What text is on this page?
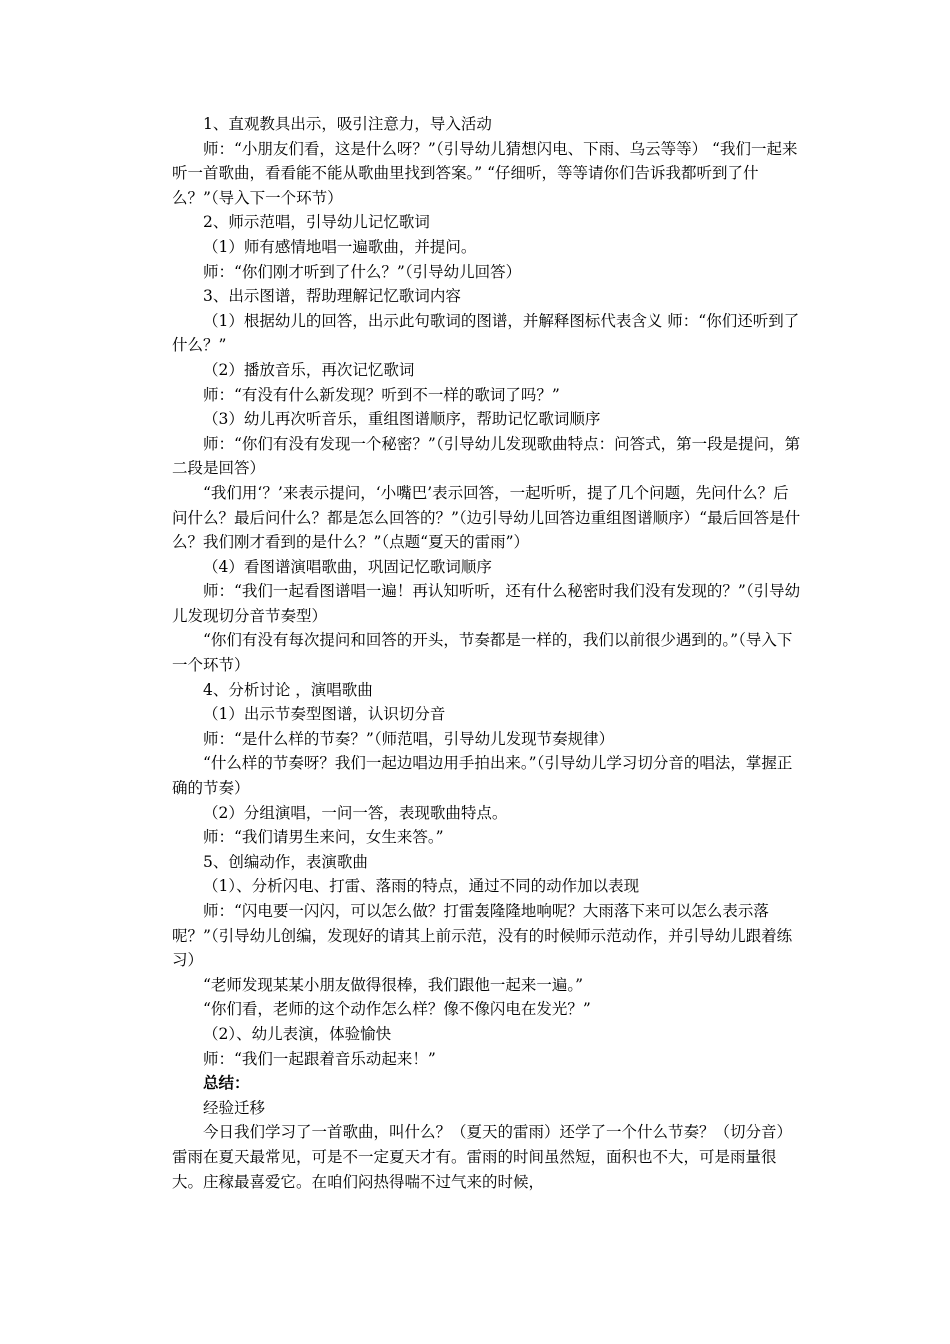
1、直观教具出示，吸引注意力，导入活动

师：“小朋友们看，这是什么呀？”（引导幼儿猜想闪电、下雨、乌云等等） “我们一起来听一首歌曲，看看能不能从歌曲里找到答案。” “仔细听，等等请你们告诉我都听到了什么？”（导入下一个环节）

2、师示范唱，引导幼儿记忆歌词

（1）师有感情地唱一遍歌曲，并提问。

师：“你们刚才听到了什么？”（引导幼儿回答）

3、出示图谱，帮助理解记忆歌词内容

（1）根据幼儿的回答，出示此句歌词的图谱，并解释图标代表含义 师：“你们还听到了什么？”

（2）播放音乐，再次记忆歌词

师：“有没有什么新发现？听到不一样的歌词了吗？”

（3）幼儿再次听音乐，重组图谱顺序，帮助记忆歌词顺序

师：“你们有没有发现一个秘密？”（引导幼儿发现歌曲特点：问答式，第一段是提问，第二段是回答）

“我们用‘？’来表示提问，‘小嘴巴’表示回答，一起听听，提了几个问题，先问什么？后问什么？最后问什么？都是怎么回答的？”（边引导幼儿回答边重组图谱顺序）“最后回答是什么？我们刚才看到的是什么？”（点题“夏天的雷雨”）

（4）看图谱演唱歌曲，巩固记忆歌词顺序

师：“我们一起看图谱唱一遍！再认知听听，还有什么秘密时我们没有发现的？”（引导幼儿发现切分音节奏型）

“你们有没有每次提问和回答的开头，节奏都是一样的，我们以前很少遇到的。”（导入下一个环节）

4、分析讨论 ，演唱歌曲

（1）出示节奏型图谱，认识切分音

师：“是什么样的节奏？”（师范唱，引导幼儿发现节奏规律）

“什么样的节奏呀？我们一起边唱边用手拍出来。”（引导幼儿学习切分音的唱法，掌握正确的节奏）

（2）分组演唱，一问一答，表现歌曲特点。

师：“我们请男生来问，女生来答。”

5、创编动作，表演歌曲

（1）、分析闪电、打雷、落雨的特点，通过不同的动作加以表现

师：“闪电要一闪闪，可以怎么做？打雷轰隆隆地响呢？大雨落下来可以怎么表示落呢？”（引导幼儿创编，发现好的请其上前示范，没有的时候师示范动作，并引导幼儿跟着练习）

“老师发现某某小朋友做得很棒，我们跟他一起来一遍。”

“你们看，老师的这个动作怎么样？像不像闪电在发光？”

（2）、幼儿表演，体验愉快

师：“我们一起跟着音乐动起来！”

总结：

经验迁移

今日我们学习了一首歌曲，叫什么？（夏天的雷雨）还学了一个什么节奏？（切分音）雷雨在夏天最常见，可是不一定夏天才有。雷雨的时间虽然短，面积也不大，可是雨量很大。庄稼最喜爱它。在咱们闷热得喘不过气来的时候，
